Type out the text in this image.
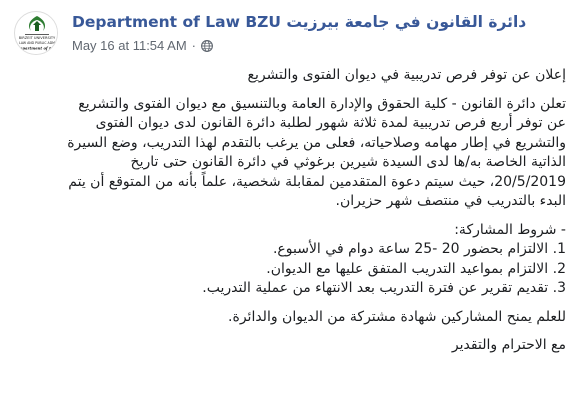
BIRZEIT UNIVERSITY
LAW AND PUBLIC ADM
Department of Law
Department of Law BZU دائرة القانون في جامعة بيرزيت
May 16 at 11:54 AM ·
إعلان عن توفر فرص تدريبية في ديوان الفتوى والتشريع
تعلن دائرة القانون - كلية الحقوق والإدارة العامة وبالتنسيق مع ديوان الفتوى والتشريع
عن توفر أربع فرص تدريبية لمدة ثلاثة شهور لطلبة دائرة القانون لدى ديوان الفتوى
والتشريع في إطار مهامه وصلاحياته، فعلى من يرغب بالتقدم لهذا التدريب، وضع السيرة
الذاتية الخاصة به/ها لدى السيدة شيرين برغوثي في دائرة القانون حتى تاريخ
20/5/2019، حيث سيتم دعوة المتقدمين لمقابلة شخصية، علماً بأنه من المتوقع أن يتم
البدء بالتدريب في منتصف شهر حزيران.
- شروط المشاركة:
1. الالتزام بحضور 20 -25 ساعة دوام في الأسبوع.
2. الالتزام بمواعيد التدريب المتفق عليها مع الديوان.
3. تقديم تقرير عن فترة التدريب بعد الانتهاء من عملية التدريب.
للعلم يمنح المشاركين شهادة مشتركة من الديوان والدائرة.
مع الاحترام والتقدير
